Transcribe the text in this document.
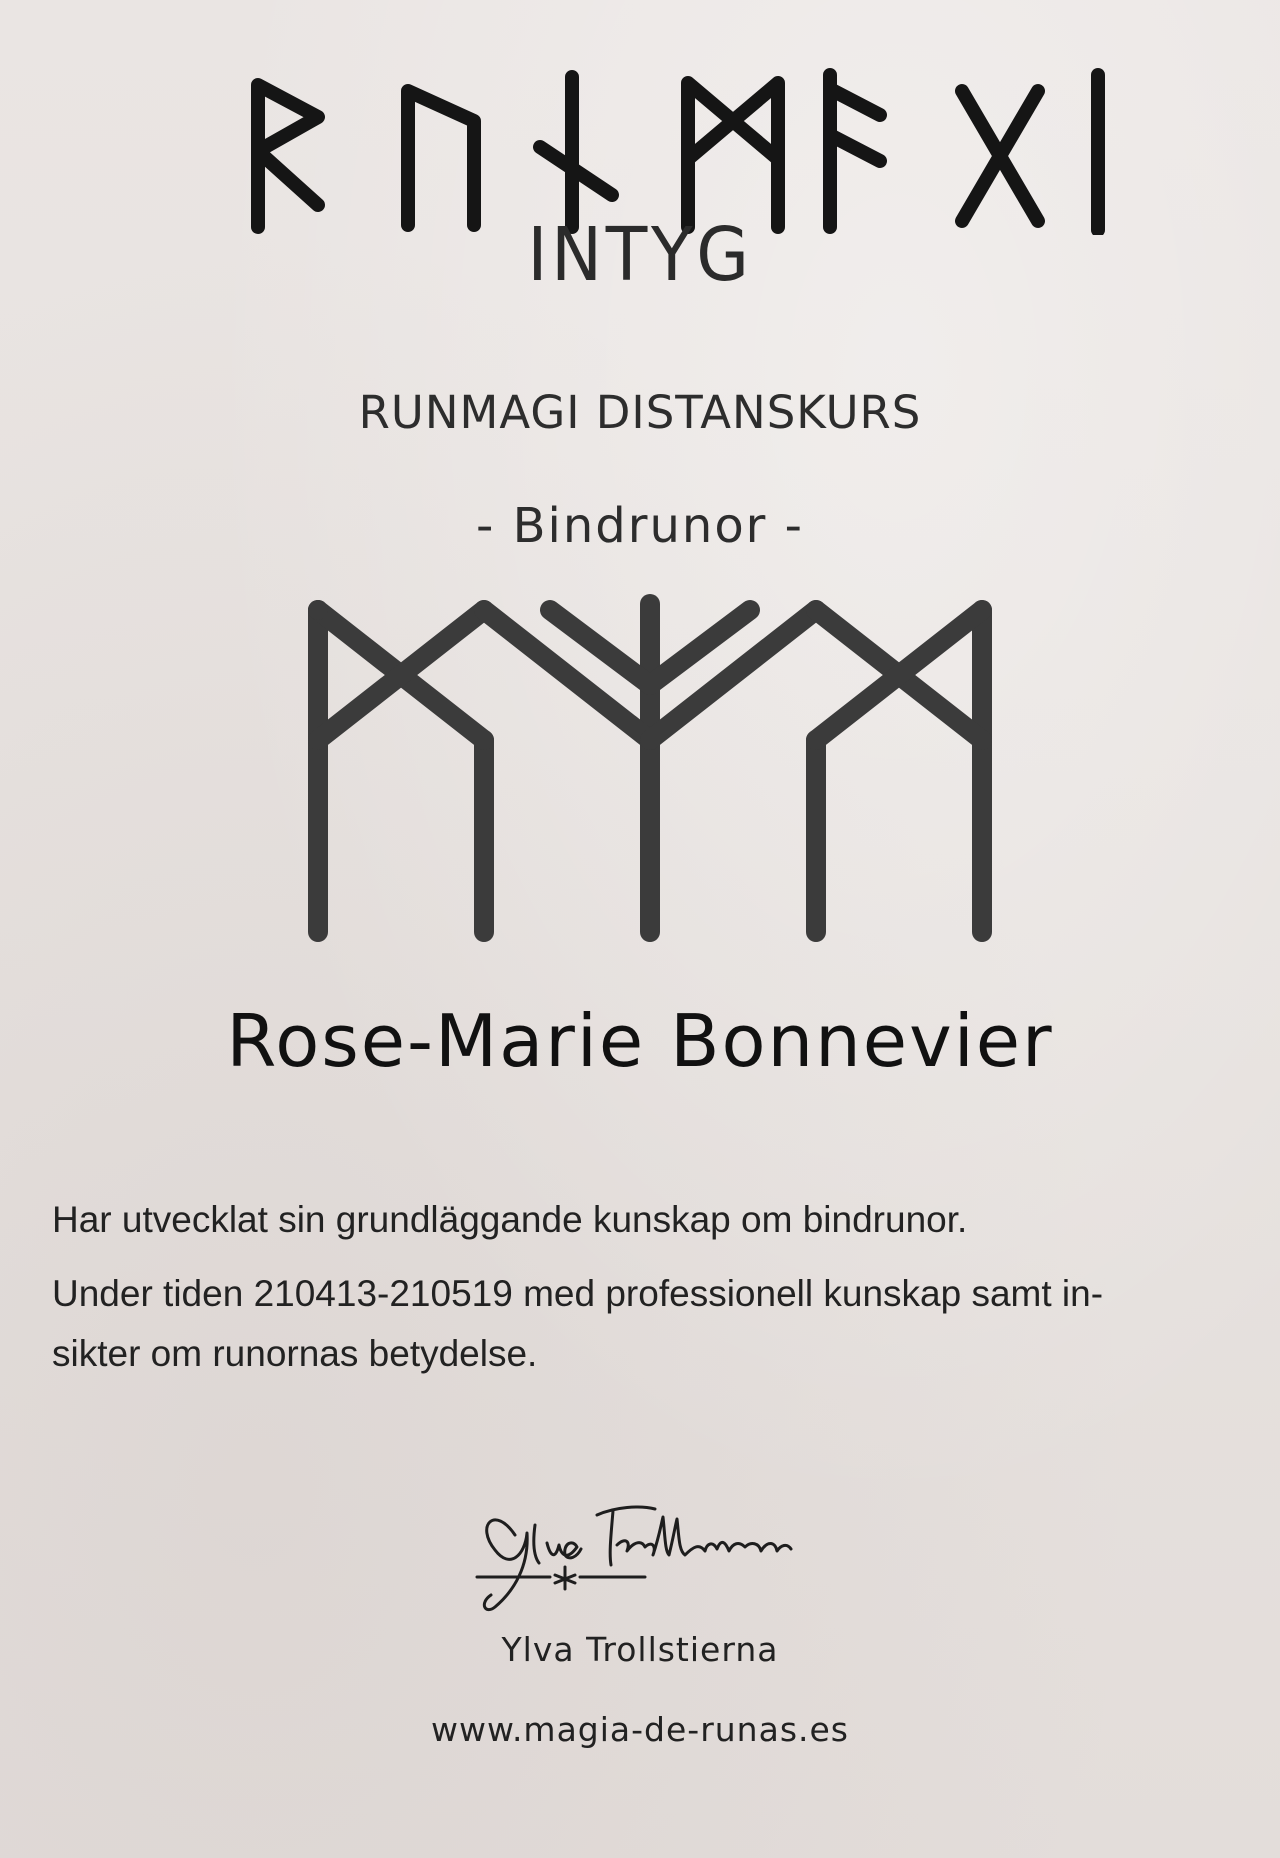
INTYG
RUNMAGI DISTANSKURS
- Bindrunor -
Rose-Marie Bonnevier

Har utvecklat sin grundläggande kunskap om bindrunor.

Under tiden 210413-210519 med professionell kunskap samt in-

sikter om runornas betydelse.

Ylva Trollstierna
www.magia-de-runas.es
